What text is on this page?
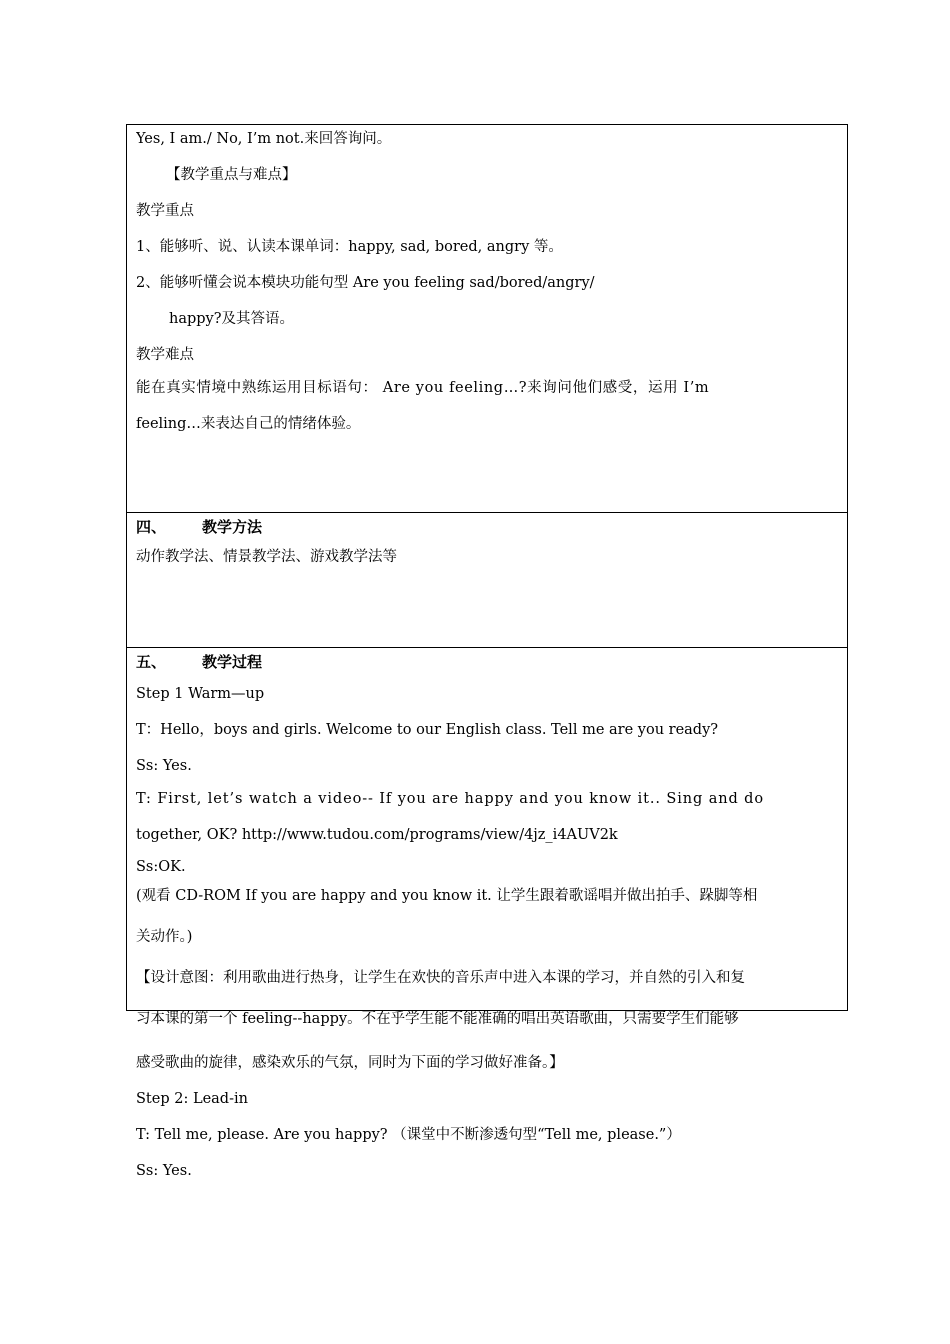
Yes, I am./ No, I’m not.来回答询问。
【教学重点与难点】
教学重点
1、能够听、说、认读本课单词：happy, sad, bored, angry 等。
2、能够听懂会说本模块功能句型 Are you feeling sad/bored/angry/
happy?及其答语。
教学难点
能在真实情境中熟练运用目标语句： Are you feeling…?来询问他们感受，运用 I’m
feeling…来表达自己的情绪体验。
四、 教学方法
动作教学法、情景教学法、游戏教学法等
五、 教学过程
Step 1 Warm—up
T：Hello，boys and girls. Welcome to our English class. Tell me are you ready?
Ss: Yes.
T: First, let’s watch a video-- If you are happy and you know it.. Sing and do
together, OK? http://www.tudou.com/programs/view/4jz_i4AUV2k
Ss:OK.
(观看 CD-ROM If you are happy and you know it. 让学生跟着歌谣唱并做出拍手、跺脚等相
关动作。)
【设计意图：利用歌曲进行热身，让学生在欢快的音乐声中进入本课的学习，并自然的引入和复
习本课的第一个 feeling--happy。不在乎学生能不能准确的唱出英语歌曲，只需要学生们能够
感受歌曲的旋律，感染欢乐的气氛，同时为下面的学习做好准备。】
Step 2: Lead-in
T: Tell me, please. Are you happy? （课堂中不断渗透句型“Tell me, please.”）
Ss: Yes.
